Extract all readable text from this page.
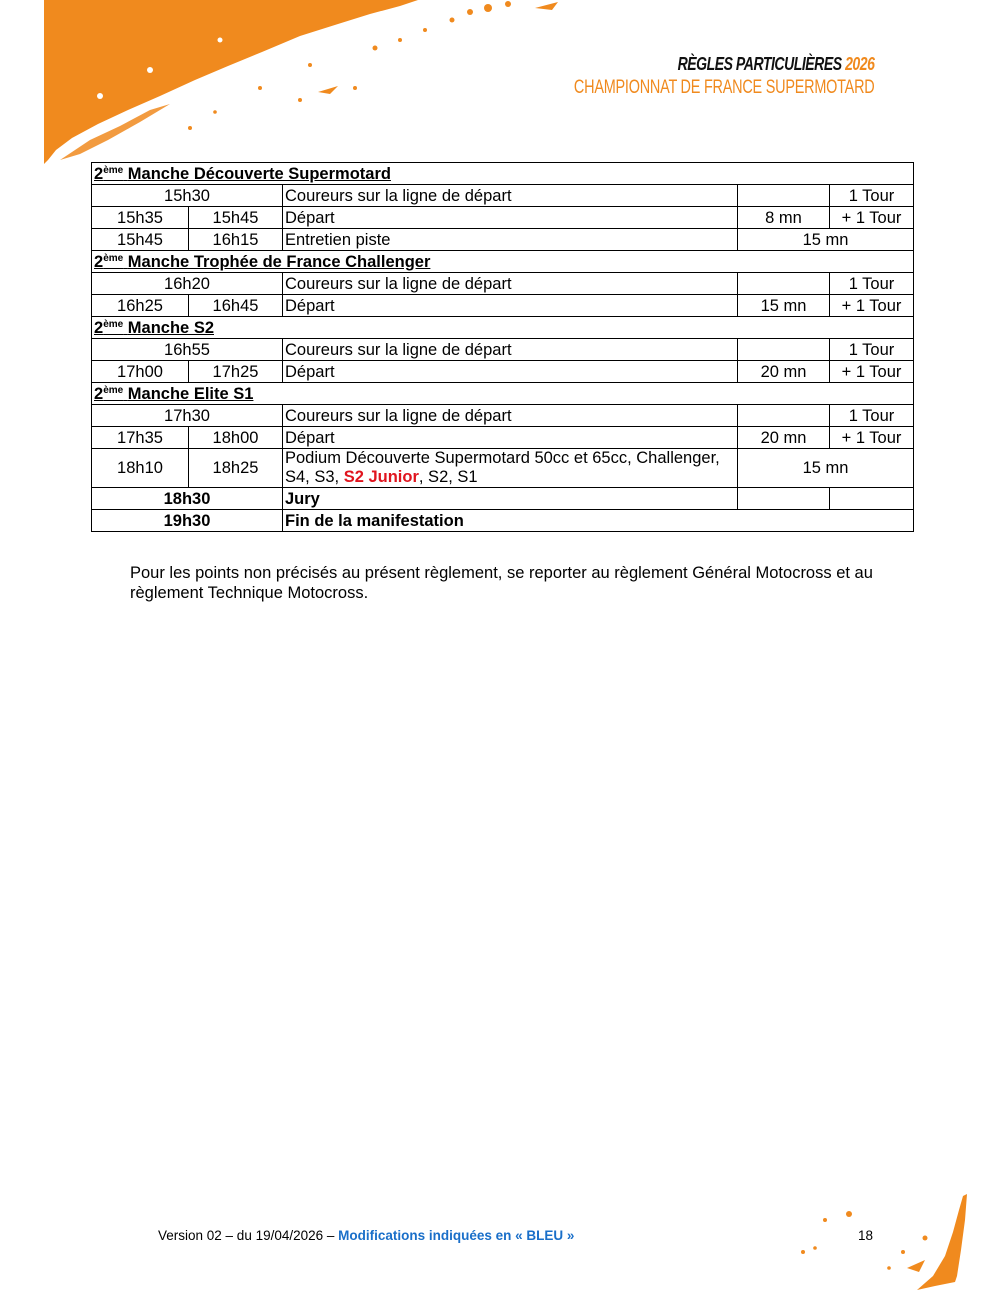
RÈGLES PARTICULIÈRES 2026
CHAMPIONNAT DE FRANCE SUPERMOTARD
2ème Manche Découverte Supermotard				
15h30		Coureurs sur la ligne de départ		1 Tour
15h35	15h45	Départ	8 mn	+ 1 Tour
15h45	16h15	Entretien piste	15 mn	
2ème Manche Trophée de France Challenger				
16h20		Coureurs sur la ligne de départ		1 Tour
16h25	16h45	Départ	15 mn	+ 1 Tour
2ème Manche S2				
16h55		Coureurs sur la ligne de départ		1 Tour
17h00	17h25	Départ	20 mn	+ 1 Tour
2ème Manche Elite S1				
17h30		Coureurs sur la ligne de départ		1 Tour
17h35	18h00	Départ	20 mn	+ 1 Tour
18h10	18h25	Podium Découverte Supermotard 50cc et 65cc, Challenger, S4, S3, S2 Junior, S2, S1	15 mn	
18h30		Jury		
19h30		Fin de la manifestation		
Pour les points non précisés au présent règlement, se reporter au règlement Général Motocross et au règlement Technique Motocross.
Version 02 – du 19/04/2026 – Modifications indiquées en « BLEU »	18
